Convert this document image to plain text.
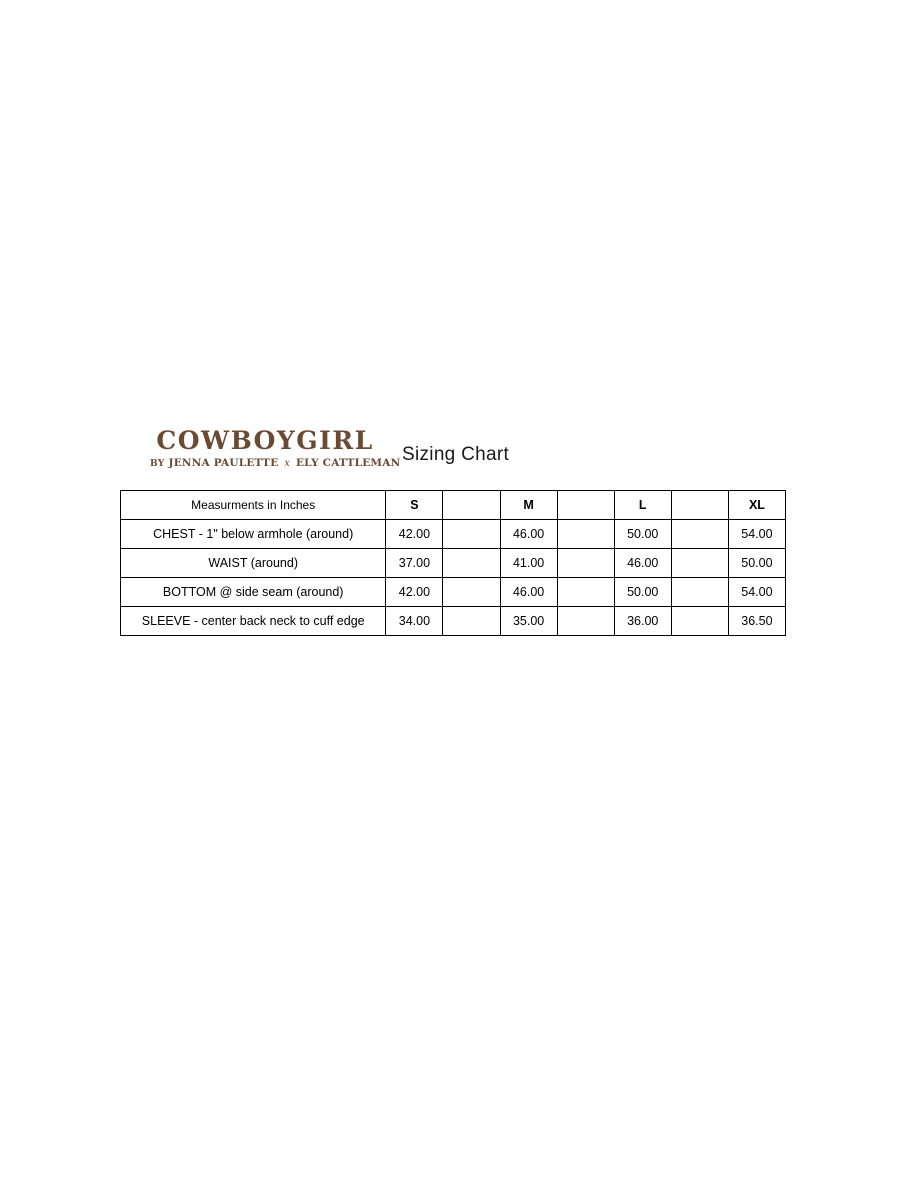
COWBOYGIRL
BY JENNA PAULETTE x ELY CATTLEMAN Sizing Chart
Measurments in Inches	S		M		L		XL
CHEST - 1" below armhole (around)	42.00		46.00		50.00		54.00
WAIST (around)	37.00		41.00		46.00		50.00
BOTTOM @ side seam (around)	42.00		46.00		50.00		54.00
SLEEVE - center back neck to cuff edge	34.00		35.00		36.00		36.50
